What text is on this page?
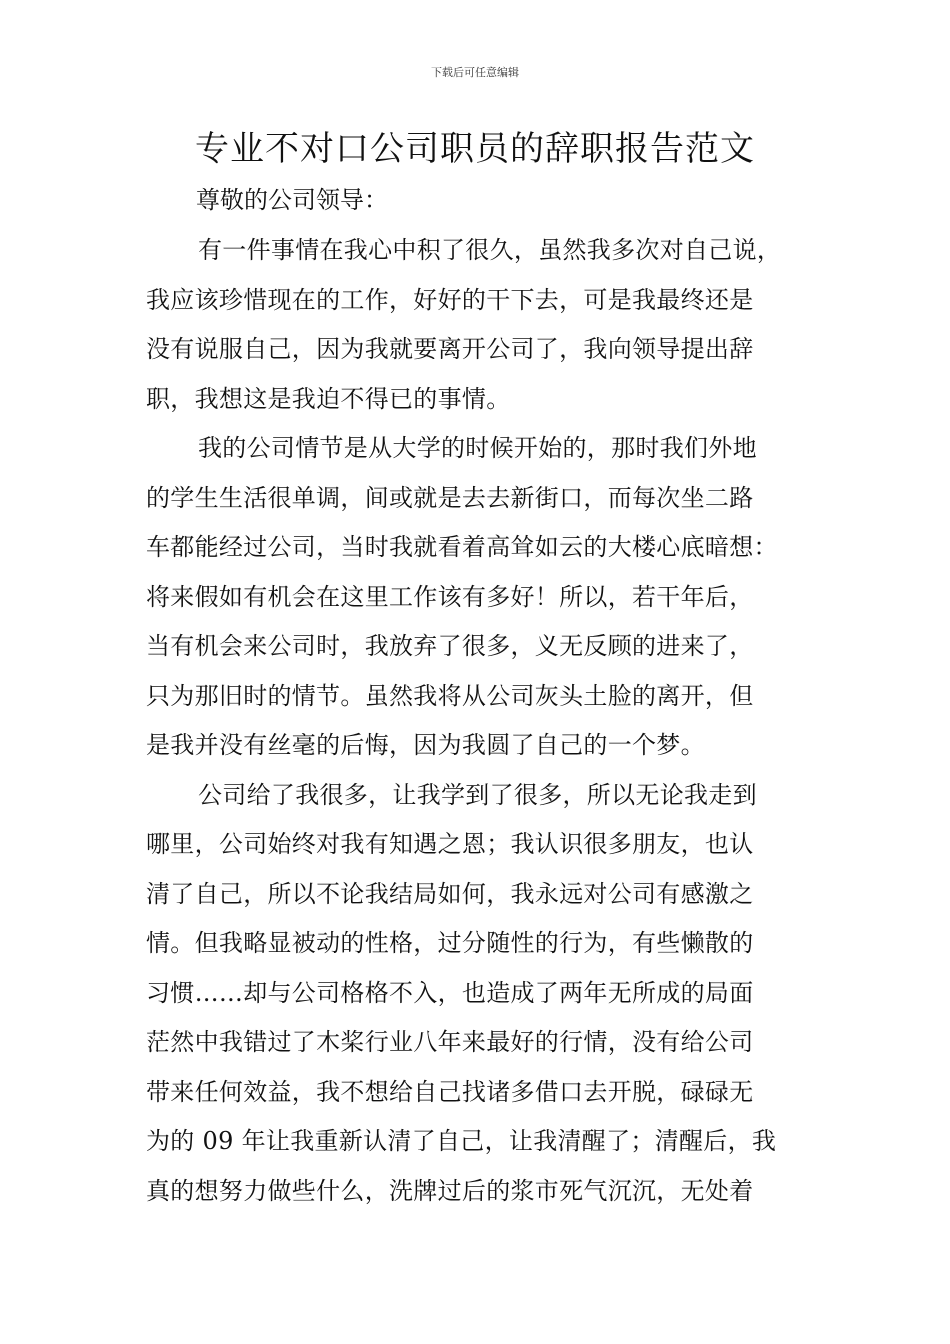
下载后可任意编辑
专业不对口公司职员的辞职报告范文
尊敬的公司领导：
有一件事情在我心中积了很久，虽然我多次对自己说，
我应该珍惜现在的工作，好好的干下去，可是我最终还是
没有说服自己，因为我就要离开公司了，我向领导提出辞
职，我想这是我迫不得已的事情。
我的公司情节是从大学的时候开始的，那时我们外地
的学生生活很单调，间或就是去去新街口，而每次坐二路
车都能经过公司，当时我就看着高耸如云的大楼心底暗想：
将来假如有机会在这里工作该有多好！所以，若干年后，
当有机会来公司时，我放弃了很多，义无反顾的进来了，
只为那旧时的情节。虽然我将从公司灰头土脸的离开，但
是我并没有丝毫的后悔，因为我圆了自己的一个梦。
公司给了我很多，让我学到了很多，所以无论我走到
哪里，公司始终对我有知遇之恩；我认识很多朋友，也认
清了自己，所以不论我结局如何，我永远对公司有感激之
情。但我略显被动的性格，过分随性的行为，有些懒散的
习惯……却与公司格格不入，也造成了两年无所成的局面
茫然中我错过了木桨行业八年来最好的行情，没有给公司
带来任何效益，我不想给自己找诸多借口去开脱，碌碌无
为的 09 年让我重新认清了自己，让我清醒了；清醒后，我
真的想努力做些什么，洗牌过后的浆市死气沉沉，无处着
